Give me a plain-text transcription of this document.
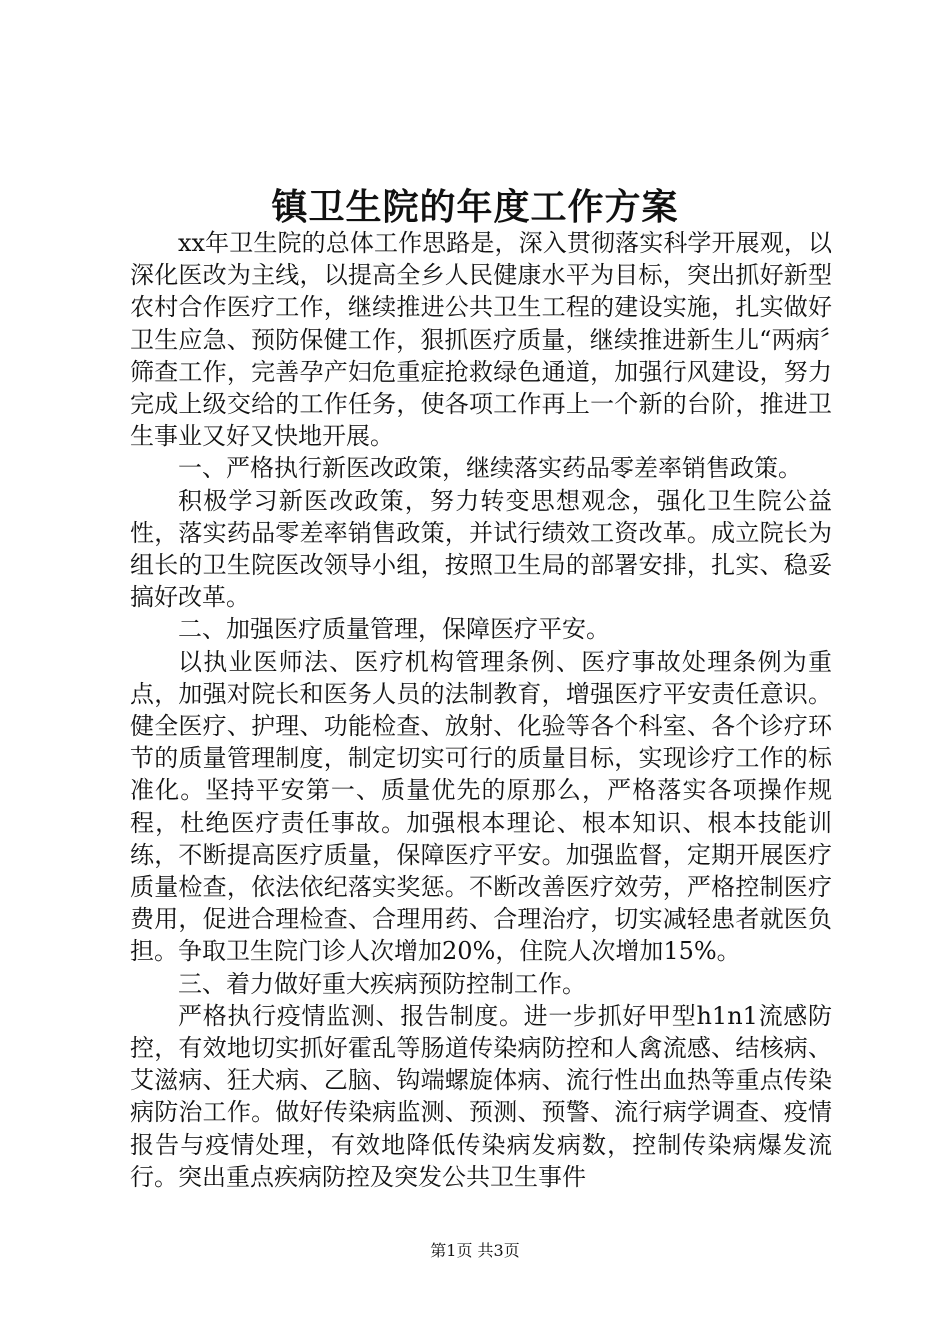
镇卫生院的年度工作方案

xx年卫生院的总体工作思路是，深入贯彻落实科学开展观，以深化医改为主线，以提高全乡人民健康水平为目标，突出抓好新型农村合作医疗工作，继续推进公共卫生工程的建设实施，扎实做好卫生应急、预防保健工作，狠抓医疗质量，继续推进新生儿“两病〞筛查工作，完善孕产妇危重症抢救绿色通道，加强行风建设，努力完成上级交给的工作任务，使各项工作再上一个新的台阶，推进卫生事业又好又快地开展。

一、严格执行新医改政策，继续落实药品零差率销售政策。

积极学习新医改政策，努力转变思想观念，强化卫生院公益性，落实药品零差率销售政策，并试行绩效工资改革。成立院长为组长的卫生院医改领导小组，按照卫生局的部署安排，扎实、稳妥搞好改革。

二、加强医疗质量管理，保障医疗平安。

以执业医师法、医疗机构管理条例、医疗事故处理条例为重点，加强对院长和医务人员的法制教育，增强医疗平安责任意识。健全医疗、护理、功能检查、放射、化验等各个科室、各个诊疗环节的质量管理制度，制定切实可行的质量目标，实现诊疗工作的标准化。坚持平安第一、质量优先的原那么，严格落实各项操作规程，杜绝医疗责任事故。加强根本理论、根本知识、根本技能训练，不断提高医疗质量，保障医疗平安。加强监督，定期开展医疗质量检查，依法依纪落实奖惩。不断改善医疗效劳，严格控制医疗费用，促进合理检查、合理用药、合理治疗，切实减轻患者就医负担。争取卫生院门诊人次增加20%，住院人次增加15%。

三、着力做好重大疾病预防控制工作。

严格执行疫情监测、报告制度。进一步抓好甲型h1n1流感防控，有效地切实抓好霍乱等肠道传染病防控和人禽流感、结核病、艾滋病、狂犬病、乙脑、钩端螺旋体病、流行性出血热等重点传染病防治工作。做好传染病监测、预测、预警、流行病学调查、疫情报告与疫情处理，有效地降低传染病发病数，控制传染病爆发流行。突出重点疾病防控及突发公共卫生事件

第1页 共3页
